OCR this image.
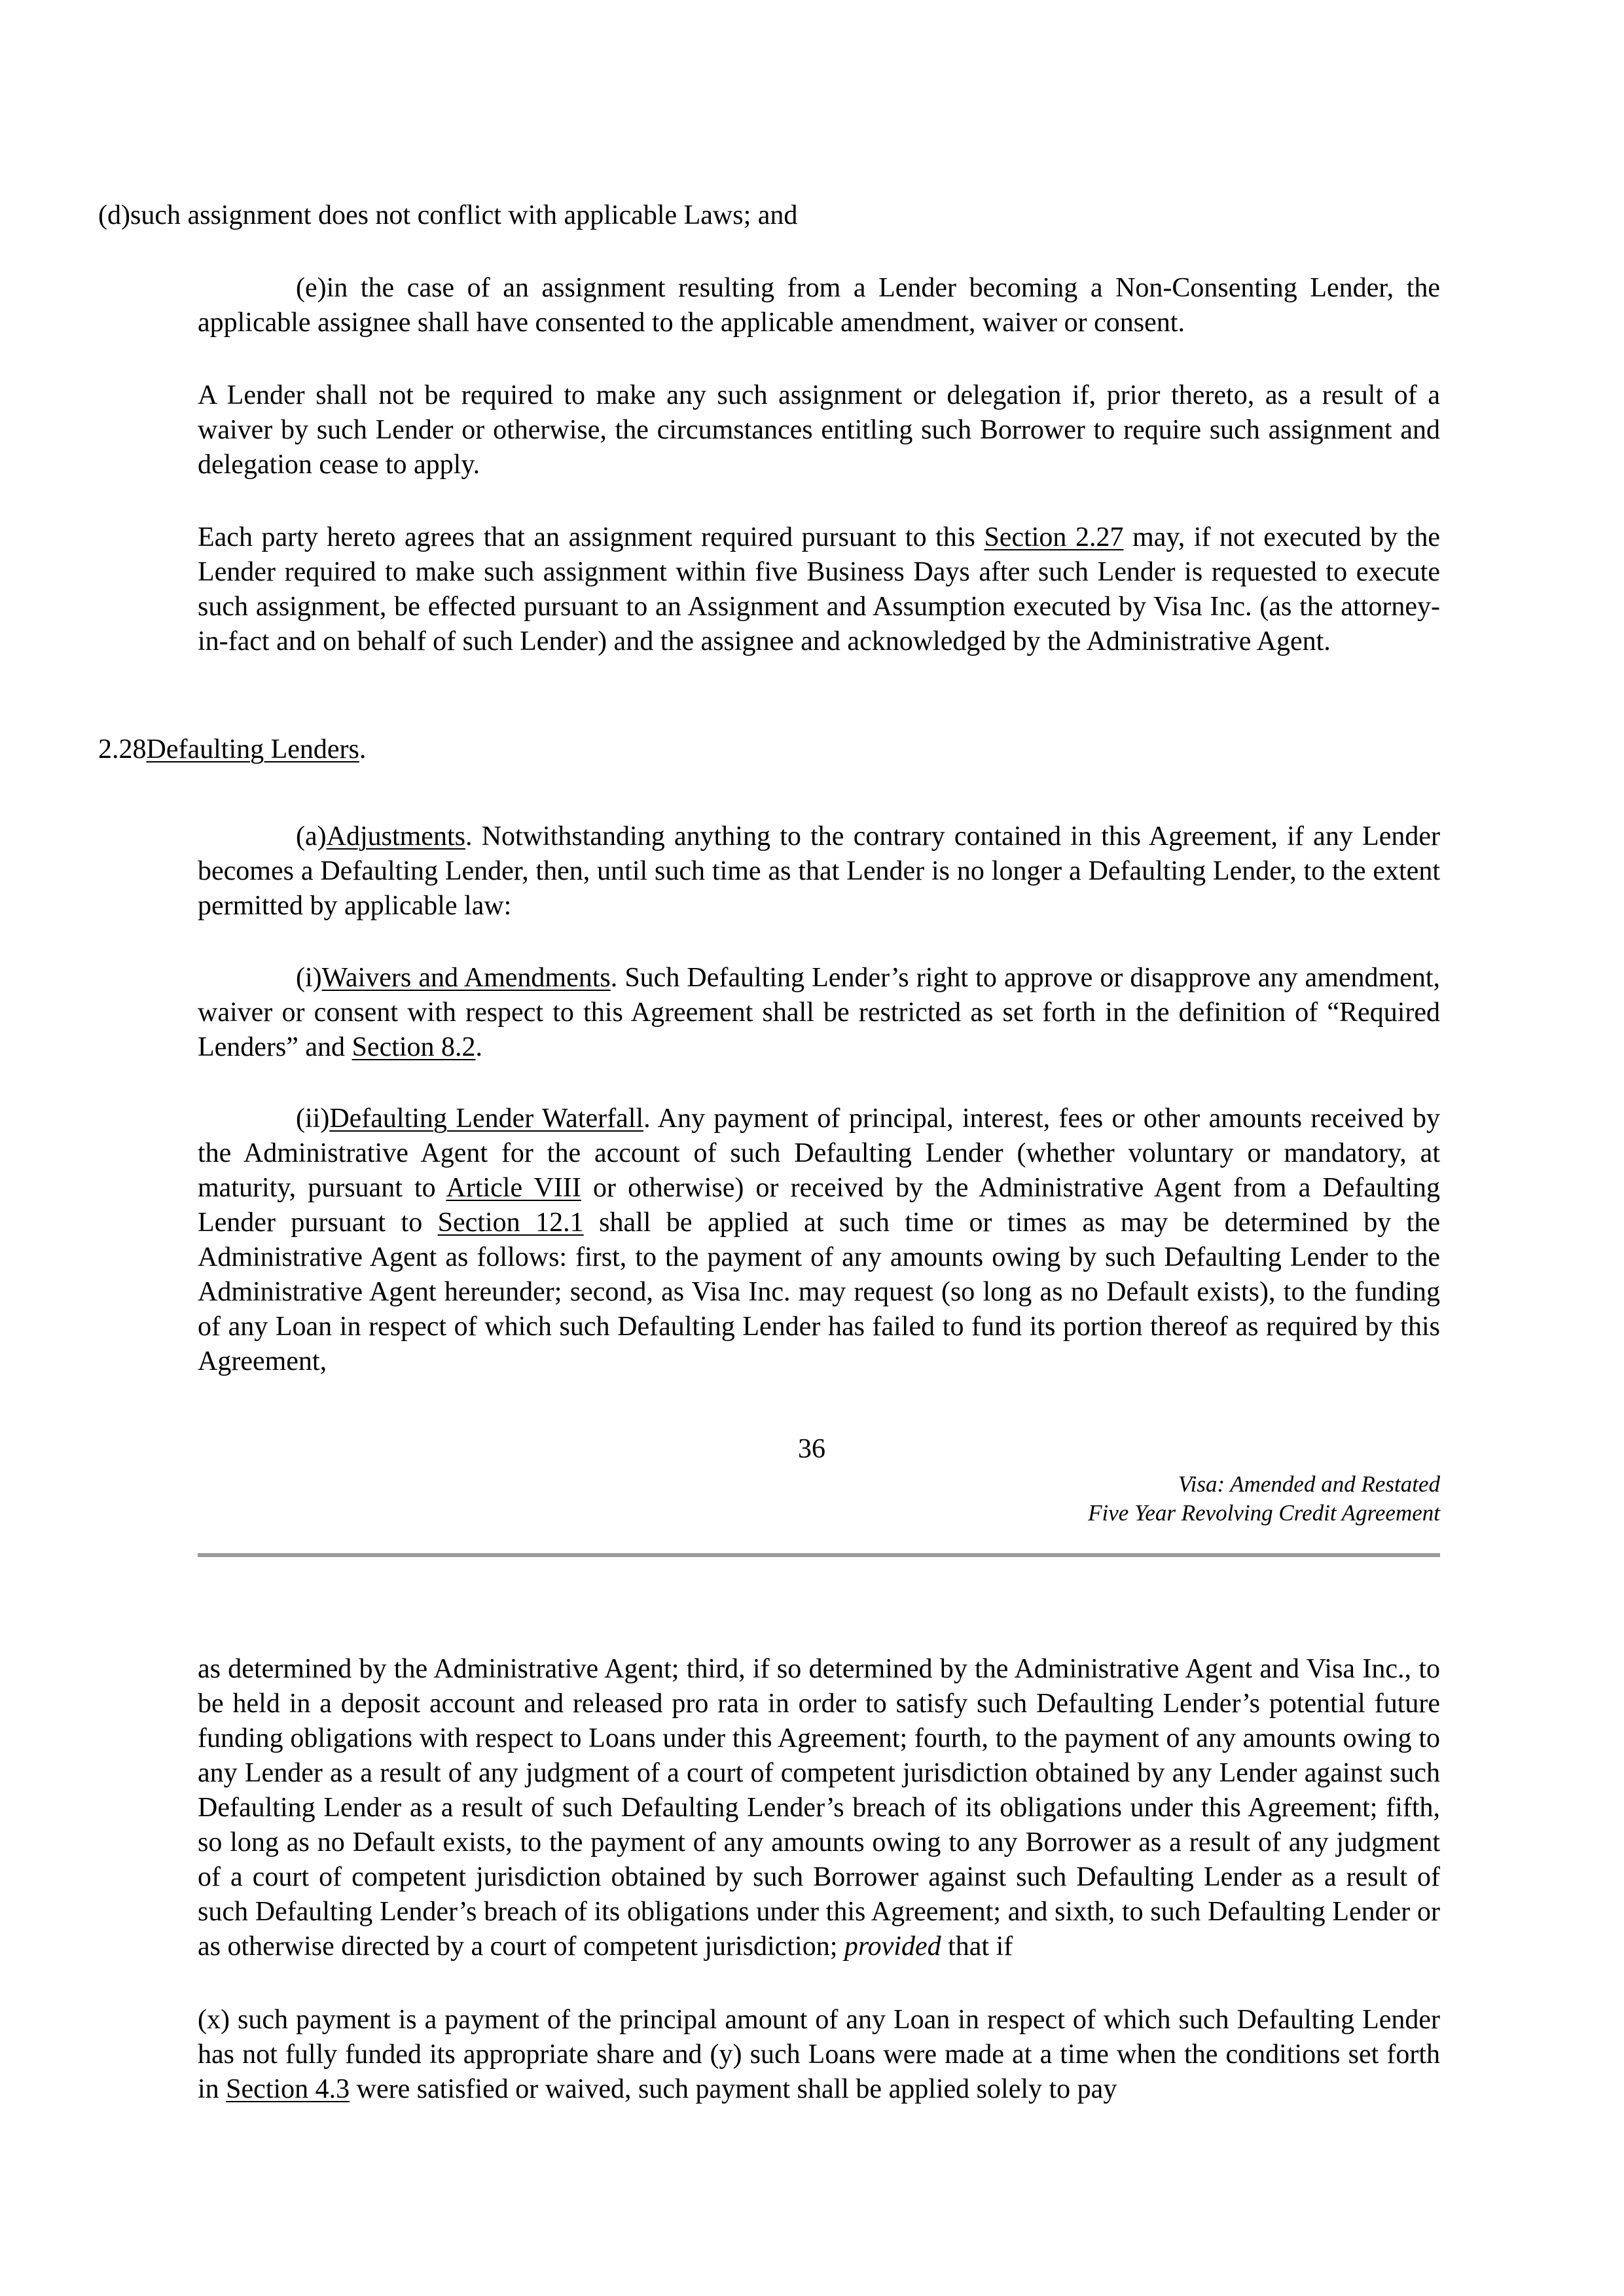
(d)such assignment does not conflict with applicable Laws; and

(e)in the case of an assignment resulting from a Lender becoming a Non-Consenting Lender, the applicable assignee shall have consented to the applicable amendment, waiver or consent.

A Lender shall not be required to make any such assignment or delegation if, prior thereto, as a result of a waiver by such Lender or otherwise, the circumstances entitling such Borrower to require such assignment and delegation cease to apply.

Each party hereto agrees that an assignment required pursuant to this Section 2.27 may, if not executed by the Lender required to make such assignment within five Business Days after such Lender is requested to execute such assignment, be effected pursuant to an Assignment and Assumption executed by Visa Inc. (as the attorney-in-fact and on behalf of such Lender) and the assignee and acknowledged by the Administrative Agent.

2.28Defaulting Lenders.

(a)Adjustments. Notwithstanding anything to the contrary contained in this Agreement, if any Lender becomes a Defaulting Lender, then, until such time as that Lender is no longer a Defaulting Lender, to the extent permitted by applicable law:

(i)Waivers and Amendments. Such Defaulting Lender’s right to approve or disapprove any amendment, waiver or consent with respect to this Agreement shall be restricted as set forth in the definition of “Required Lenders” and Section 8.2.

(ii)Defaulting Lender Waterfall. Any payment of principal, interest, fees or other amounts received by the Administrative Agent for the account of such Defaulting Lender (whether voluntary or mandatory, at maturity, pursuant to Article VIII or otherwise) or received by the Administrative Agent from a Defaulting Lender pursuant to Section 12.1 shall be applied at such time or times as may be determined by the Administrative Agent as follows: first, to the payment of any amounts owing by such Defaulting Lender to the Administrative Agent hereunder; second, as Visa Inc. may request (so long as no Default exists), to the funding of any Loan in respect of which such Defaulting Lender has failed to fund its portion thereof as required by this Agreement,

36
Visa: Amended and Restated
Five Year Revolving Credit Agreement

as determined by the Administrative Agent; third, if so determined by the Administrative Agent and Visa Inc., to be held in a deposit account and released pro rata in order to satisfy such Defaulting Lender’s potential future funding obligations with respect to Loans under this Agreement; fourth, to the payment of any amounts owing to any Lender as a result of any judgment of a court of competent jurisdiction obtained by any Lender against such Defaulting Lender as a result of such Defaulting Lender’s breach of its obligations under this Agreement; fifth, so long as no Default exists, to the payment of any amounts owing to any Borrower as a result of any judgment of a court of competent jurisdiction obtained by such Borrower against such Defaulting Lender as a result of such Defaulting Lender’s breach of its obligations under this Agreement; and sixth, to such Defaulting Lender or as otherwise directed by a court of competent jurisdiction; provided that if

(x) such payment is a payment of the principal amount of any Loan in respect of which such Defaulting Lender has not fully funded its appropriate share and (y) such Loans were made at a time when the conditions set forth in Section 4.3 were satisfied or waived, such payment shall be applied solely to pay
